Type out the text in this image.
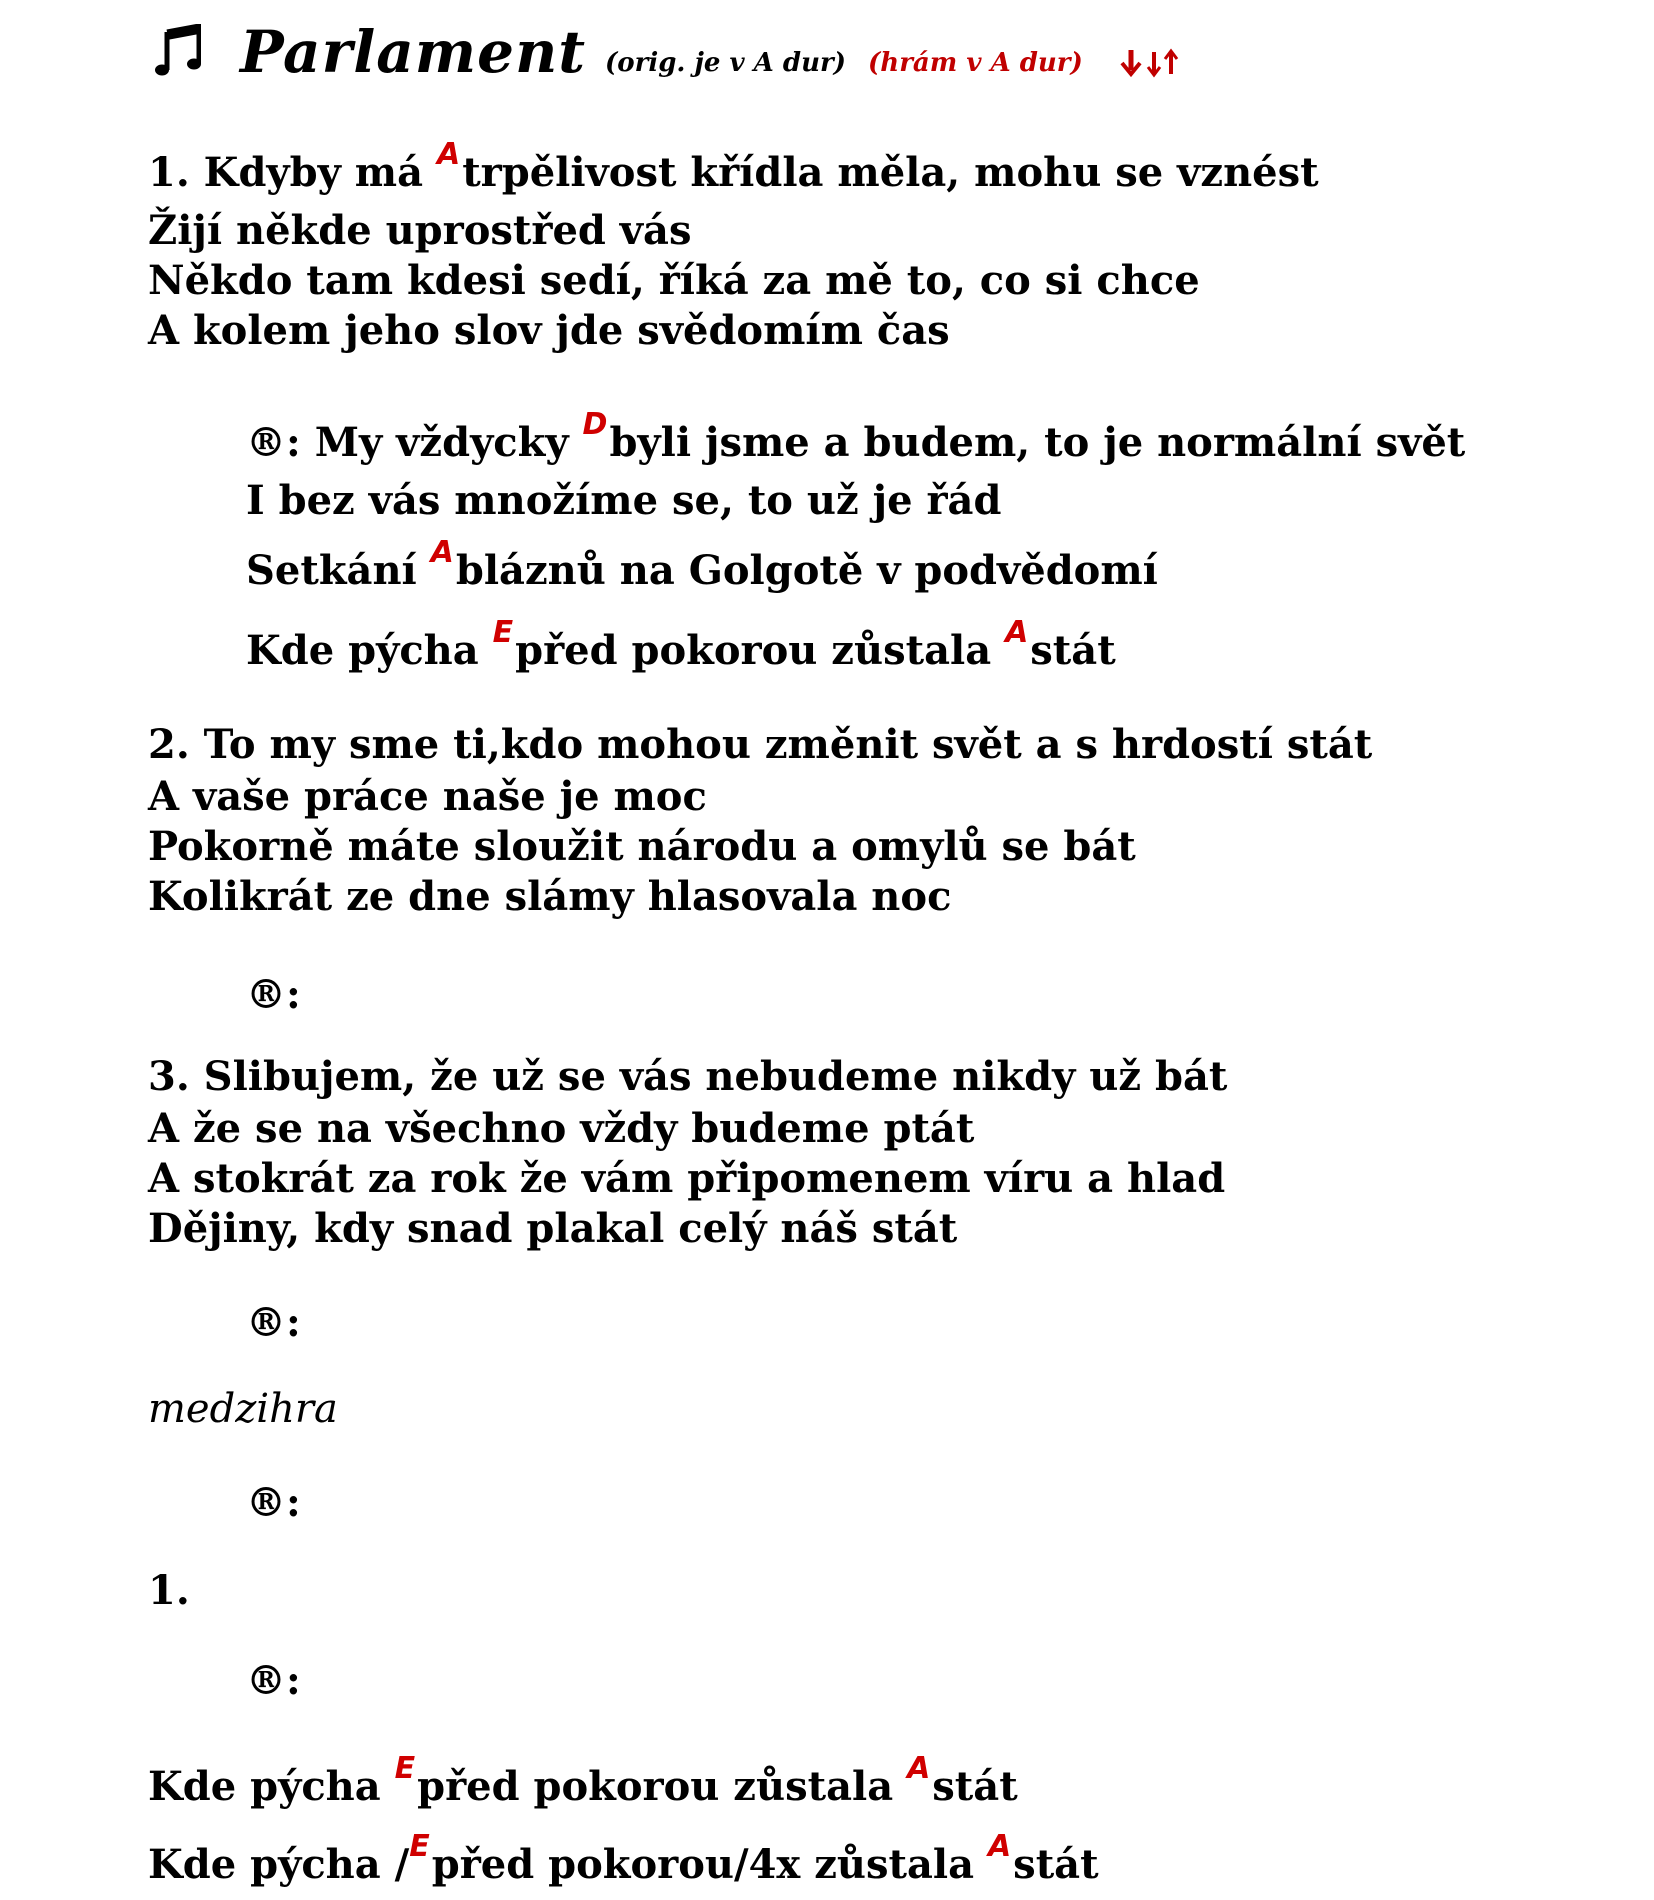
Parlament (orig. je v A dur) (hrám v A dur)
1. Kdyby má $^A$trpělivost křídla měla, mohu se vznést
Žijí někde uprostřed vás
Někdo tam kdesi sedí, říká za mě to, co si chce
A kolem jeho slov jde svědomím čas
®: My vždycky $^D$byli jsme a budem, to je normální svět
I bez vás množíme se, to už je řád
Setkání $^A$bláznů na Golgotě v podvědomí
Kde pýcha $^E$před pokorou zůstala $^A$stát
2. To my sme ti,kdo mohou změnit svět a s hrdostí stát
A vaše práce naše je moc
Pokorně máte sloužit národu a omylů se bát
Kolikrát ze dne slámy hlasovala noc
®:
3. Slibujem, že už se vás nebudeme nikdy už bát
A že se na všechno vždy budeme ptát
A stokrát za rok že vám připomenem víru a hlad
Dějiny, kdy snad plakal celý náš stát
®:
medzihra
®:
1.
®:
Kde pýcha $^E$před pokorou zůstala $^A$stát
Kde pýcha /$^E$před pokorou/4x zůstala $^A$stát
